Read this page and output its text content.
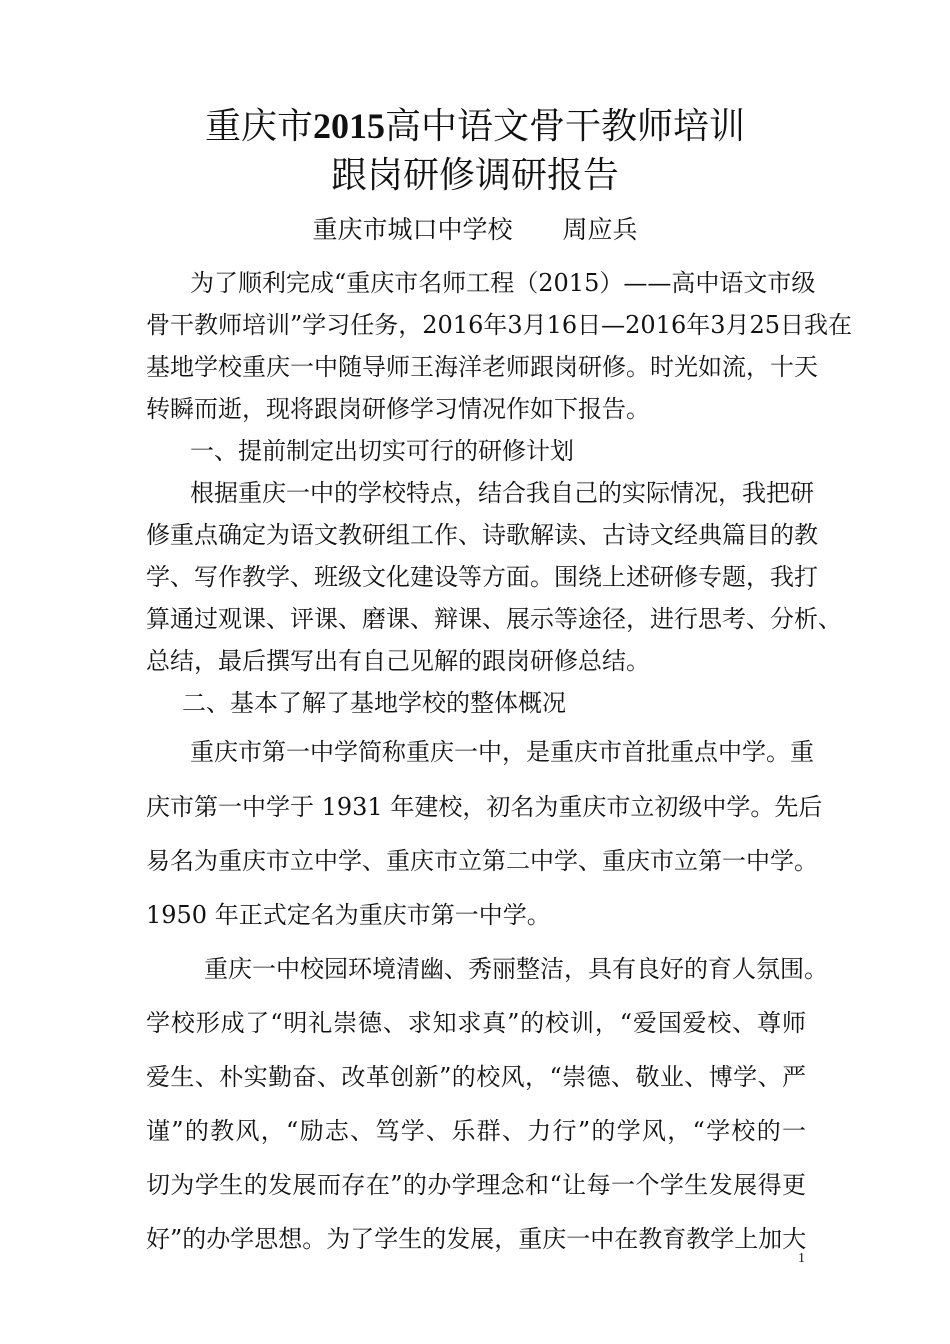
重庆市2015高中语文骨干教师培训
跟岗研修调研报告
重庆市城口中学校 周应兵
为了顺利完成“重庆市名师工程（2015）——高中语文市级
骨干教师培训”学习任务，2016年3月16日—2016年3月25日我在
基地学校重庆一中随导师王海洋老师跟岗研修。时光如流，十天
转瞬而逝，现将跟岗研修学习情况作如下报告。
一、提前制定出切实可行的研修计划
根据重庆一中的学校特点，结合我自己的实际情况，我把研
修重点确定为语文教研组工作、诗歌解读、古诗文经典篇目的教
学、写作教学、班级文化建设等方面。围绕上述研修专题，我打
算通过观课、评课、磨课、辩课、展示等途径，进行思考、分析、
总结，最后撰写出有自己见解的跟岗研修总结。
二、基本了解了基地学校的整体概况
重庆市第一中学简称重庆一中，是重庆市首批重点中学。重
庆市第一中学于 1931 年建校，初名为重庆市立初级中学。先后
易名为重庆市立中学、重庆市立第二中学、重庆市立第一中学。
1950 年正式定名为重庆市第一中学。
重庆一中校园环境清幽、秀丽整洁，具有良好的育人氛围。
学校形成了“明礼崇德、求知求真”的校训，“爱国爱校、尊师
爱生、朴实勤奋、改革创新”的校风，“崇德、敬业、博学、严
谨”的教风，“励志、笃学、乐群、力行”的学风，“学校的一
切为学生的发展而存在”的办学理念和“让每一个学生发展得更
好”的办学思想。为了学生的发展，重庆一中在教育教学上加大
1
